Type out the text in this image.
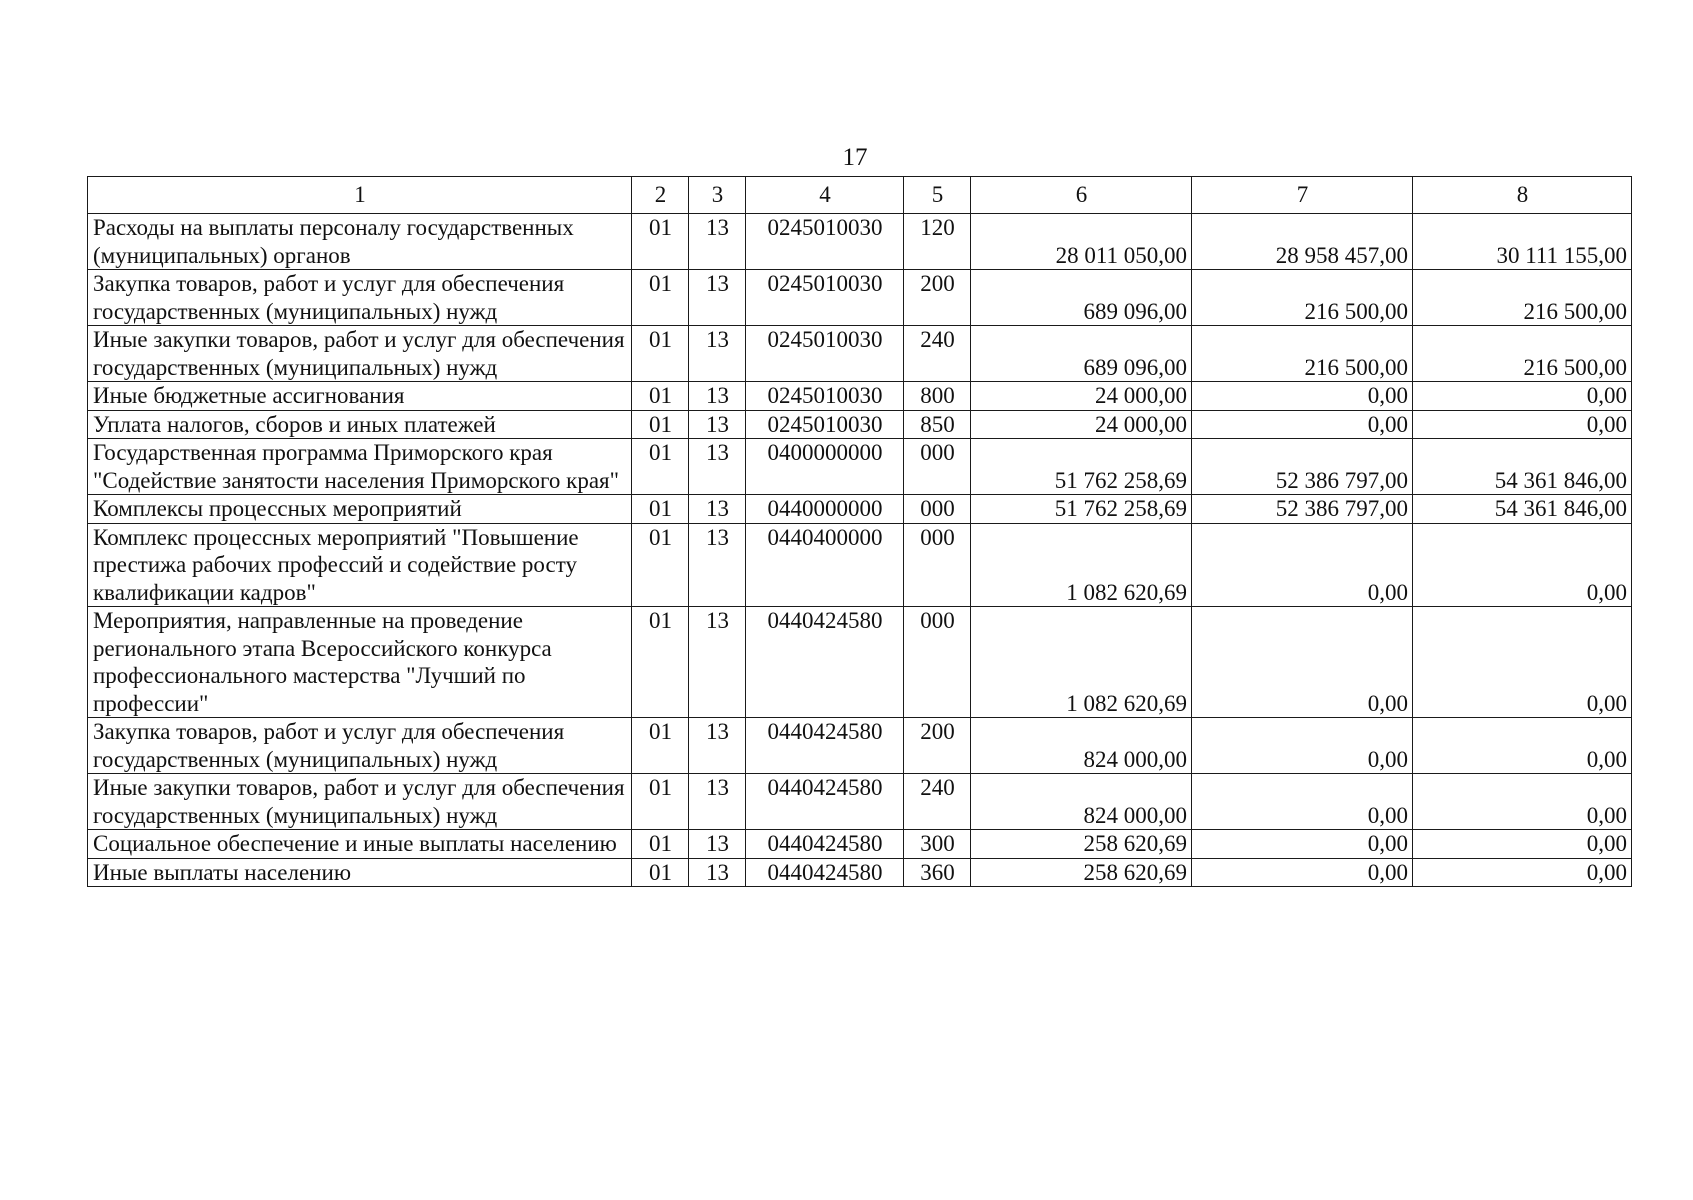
17
1	2	3	4	5	6	7	8
Расходы на выплаты персоналу государственных (муниципальных) органов	01	13	0245010030	120	28 011 050,00	28 958 457,00	30 111 155,00
Закупка товаров, работ и услуг для обеспечения государственных (муниципальных) нужд	01	13	0245010030	200	689 096,00	216 500,00	216 500,00
Иные закупки товаров, работ и услуг для обеспечения государственных (муниципальных) нужд	01	13	0245010030	240	689 096,00	216 500,00	216 500,00
Иные бюджетные ассигнования	01	13	0245010030	800	24 000,00	0,00	0,00
Уплата налогов, сборов и иных платежей	01	13	0245010030	850	24 000,00	0,00	0,00
Государственная программа Приморского края "Содействие занятости населения Приморского края"	01	13	0400000000	000	51 762 258,69	52 386 797,00	54 361 846,00
Комплексы процессных мероприятий	01	13	0440000000	000	51 762 258,69	52 386 797,00	54 361 846,00
Комплекс процессных мероприятий "Повышение престижа рабочих профессий и содействие росту квалификации кадров"	01	13	0440400000	000	1 082 620,69	0,00	0,00
Мероприятия, направленные на проведение регионального этапа Всероссийского конкурса профессионального мастерства "Лучший по профессии"	01	13	0440424580	000	1 082 620,69	0,00	0,00
Закупка товаров, работ и услуг для обеспечения государственных (муниципальных) нужд	01	13	0440424580	200	824 000,00	0,00	0,00
Иные закупки товаров, работ и услуг для обеспечения государственных (муниципальных) нужд	01	13	0440424580	240	824 000,00	0,00	0,00
Социальное обеспечение и иные выплаты населению	01	13	0440424580	300	258 620,69	0,00	0,00
Иные выплаты населению	01	13	0440424580	360	258 620,69	0,00	0,00
